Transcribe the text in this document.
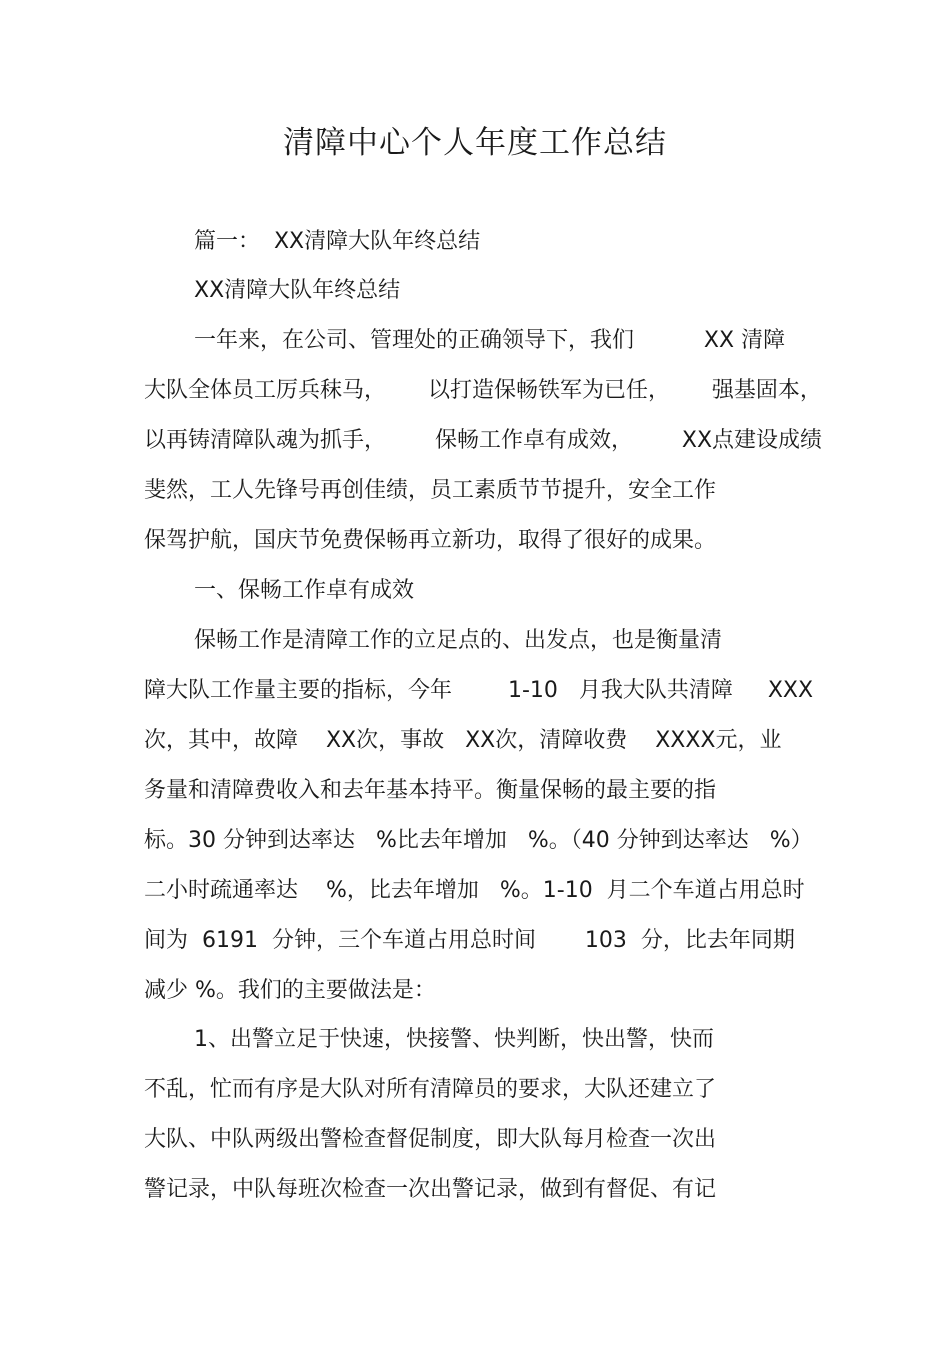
清障中心个人年度工作总结

篇一：  XX清障大队年终总结

XX清障大队年终总结

一年来，在公司、管理处的正确领导下，我们          XX 清障

大队全体员工厉兵秣马，      以打造保畅铁军为已任，      强基固本，

以再铸清障队魂为抓手，       保畅工作卓有成效，       XX点建设成绩

斐然，工人先锋号再创佳绩，员工素质节节提升，安全工作

保驾护航，国庆节免费保畅再立新功，取得了很好的成果。

一、保畅工作卓有成效

保畅工作是清障工作的立足点的、出发点，也是衡量清

障大队工作量主要的指标，今年        1-10   月我大队共清障     XXX

次，其中，故障    XX次，事故   XX次，清障收费    XXXX元，业

务量和清障费收入和去年基本持平。衡量保畅的最主要的指

标。30 分钟到达率达   %比去年增加   %。（40 分钟到达率达   %）

二小时疏通率达    %，比去年增加   %。1-10  月二个车道占用总时

间为  6191  分钟，三个车道占用总时间       103  分，比去年同期

减少 %。我们的主要做法是：

1、出警立足于快速，快接警、快判断，快出警，快而

不乱，忙而有序是大队对所有清障员的要求，大队还建立了

大队、中队两级出警检查督促制度，即大队每月检查一次出

警记录，中队每班次检查一次出警记录，做到有督促、有记
